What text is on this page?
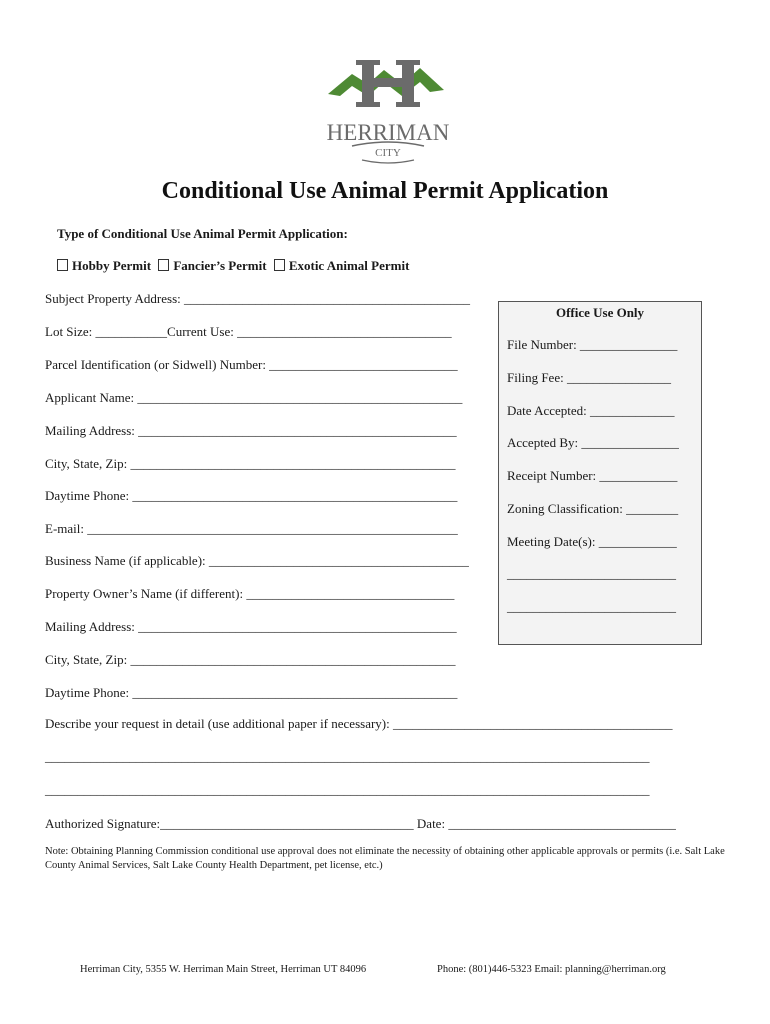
HERRIMAN
CITY
Conditional Use Animal Permit Application
Type of Conditional Use Animal Permit Application:
Hobby Permit Fancier’s Permit Exotic Animal Permit
Subject Property Address: ____________________________________________
Lot Size: ___________Current Use: _________________________________
Parcel Identification (or Sidwell) Number: _____________________________
Applicant Name: __________________________________________________
Mailing Address: _________________________________________________
City, State, Zip: __________________________________________________
Daytime Phone: __________________________________________________
E-mail: _________________________________________________________
Business Name (if applicable): ________________________________________
Property Owner’s Name (if different): ________________________________
Mailing Address: _________________________________________________
City, State, Zip: __________________________________________________
Daytime Phone: __________________________________________________
Describe your request in detail (use additional paper if necessary): ___________________________________________
_____________________________________________________________________________________________
_____________________________________________________________________________________________
Authorized Signature:_______________________________________ Date: ___________________________________
Office Use Only
File Number: _______________
Filing Fee: ________________
Date Accepted: _____________
Accepted By: _______________
Receipt Number: ____________
Zoning Classification: ________
Meeting Date(s): ____________
__________________________
__________________________
Note: Obtaining Planning Commission conditional use approval does not eliminate the necessity of obtaining other applicable approvals or permits (i.e. Salt Lake County Animal Services, Salt Lake County Health Department, pet license, etc.)
Herriman City, 5355 W. Herriman Main Street, Herriman UT 84096	Phone: (801)446-5323 Email: planning@herriman.org
